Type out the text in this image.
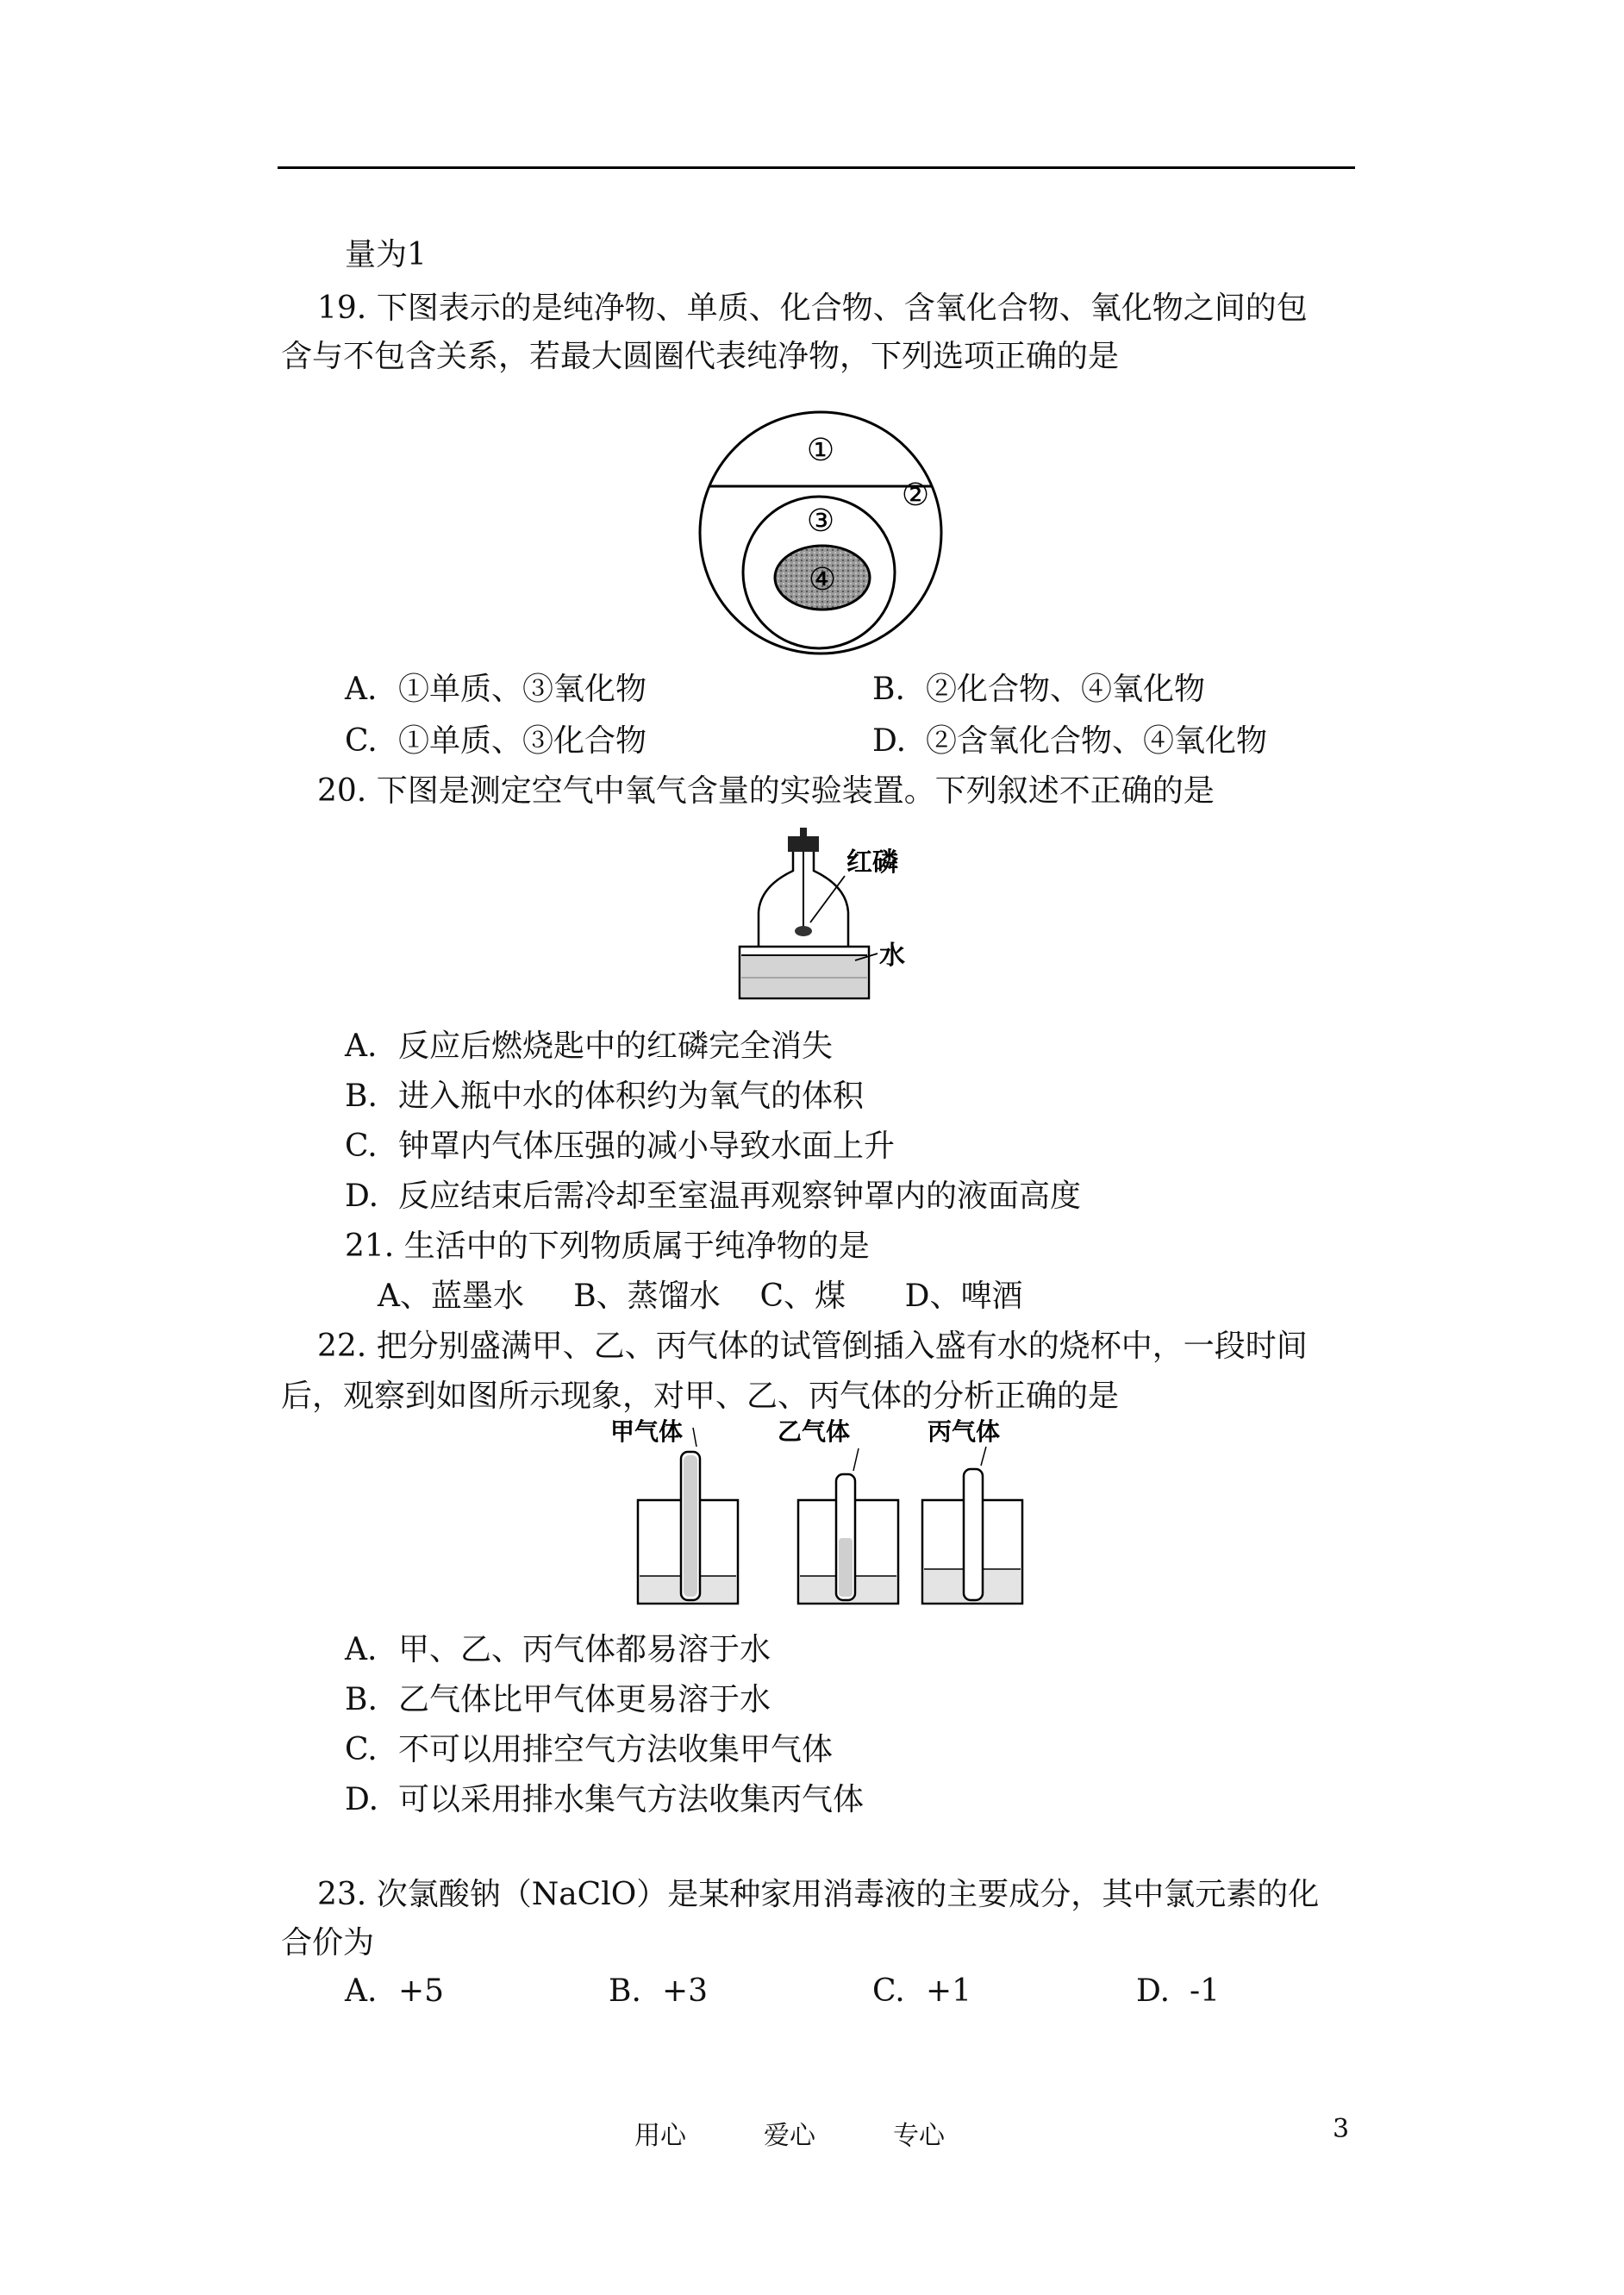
量为1
19. 下图表示的是纯净物、单质、化合物、含氧化合物、氧化物之间的包
含与不包含关系，若最大圆圈代表纯净物，下列选项正确的是
①
②
③
④
A. ①单质、③氧化物	B. ②化合物、④氧化物
C. ①单质、③化合物	D. ②含氧化合物、④氧化物
20. 下图是测定空气中氧气含量的实验装置。下列叙述不正确的是
红磷
水
A. 反应后燃烧匙中的红磷完全消失
B. 进入瓶中水的体积约为氧气的体积
C. 钟罩内气体压强的减小导致水面上升
D. 反应结束后需冷却至室温再观察钟罩内的液面高度
21. 生活中的下列物质属于纯净物的是
A、蓝墨水     B、蒸馏水    C、煤      D、啤酒
22. 把分别盛满甲、乙、丙气体的试管倒插入盛有水的烧杯中，一段时间
后，观察到如图所示现象，对甲、乙、丙气体的分析正确的是
甲气体	乙气体	丙气体
A. 甲、乙、丙气体都易溶于水
B. 乙气体比甲气体更易溶于水
C. 不可以用排空气方法收集甲气体
D. 可以采用排水集气方法收集丙气体
23. 次氯酸钠（NaClO）是某种家用消毒液的主要成分，其中氯元素的化
合价为
A. +5	B. +3	C. +1	D. -1
用心	爱心	专心	3
